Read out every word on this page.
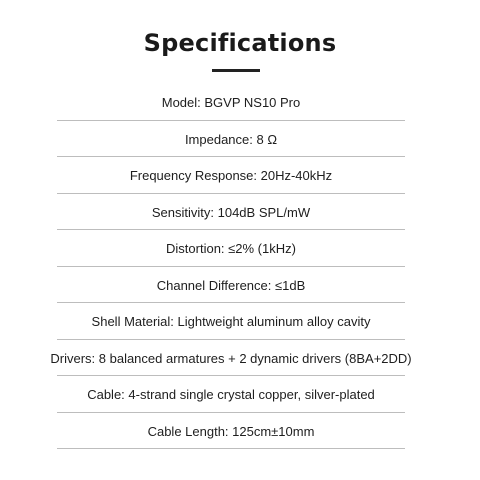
Specifications
Model: BGVP NS10 Pro
Impedance: 8 Ω
Frequency Response: 20Hz-40kHz
Sensitivity: 104dB SPL/mW
Distortion: ≤2% (1kHz)
Channel Difference: ≤1dB
Shell Material: Lightweight aluminum alloy cavity
Drivers: 8 balanced armatures + 2 dynamic drivers (8BA+2DD)
Cable: 4-strand single crystal copper, silver-plated
Cable Length: 125cm±10mm
